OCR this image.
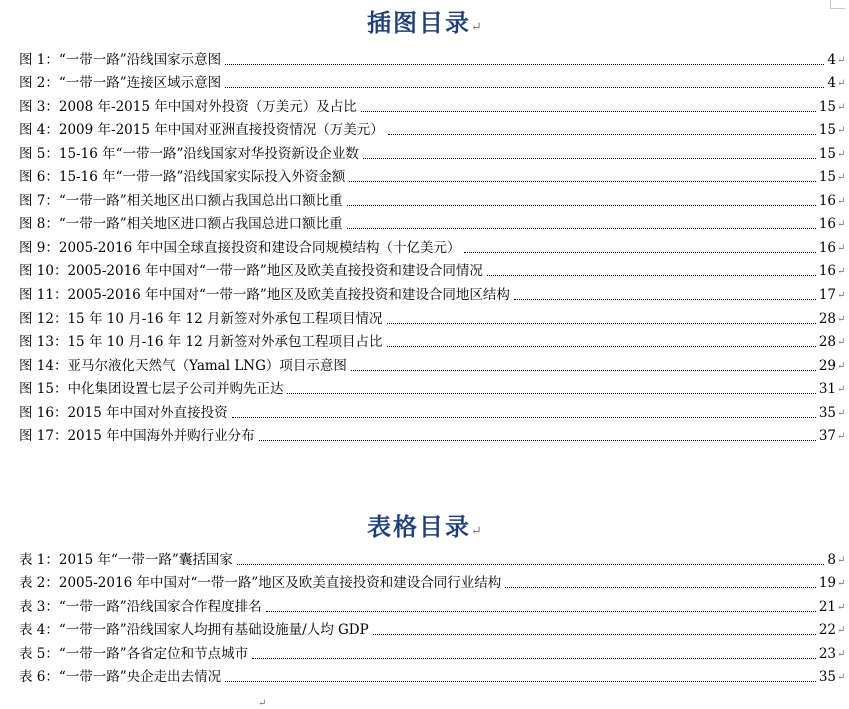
插图目录↵
图 1：“一带一路”沿线国家示意图	4 ↵
图 2：“一带一路”连接区域示意图	4 ↵
图 3：2008 年-2015 年中国对外投资（万美元）及占比	15 ↵
图 4：2009 年-2015 年中国对亚洲直接投资情况（万美元）	15 ↵
图 5：15-16 年“一带一路”沿线国家对华投资新设企业数	15 ↵
图 6：15-16 年“一带一路”沿线国家实际投入外资金额	15 ↵
图 7：“一带一路”相关地区出口额占我国总出口额比重	16 ↵
图 8：“一带一路”相关地区进口额占我国总进口额比重	16 ↵
图 9：2005-2016 年中国全球直接投资和建设合同规模结构（十亿美元）	16 ↵
图 10：2005-2016 年中国对“一带一路”地区及欧美直接投资和建设合同情况	16 ↵
图 11：2005-2016 年中国对“一带一路”地区及欧美直接投资和建设合同地区结构	17 ↵
图 12：15 年 10 月-16 年 12 月新签对外承包工程项目情况	28 ↵
图 13：15 年 10 月-16 年 12 月新签对外承包工程项目占比	28 ↵
图 14：亚马尔液化天然气（Yamal LNG）项目示意图	29 ↵
图 15：中化集团设置七层子公司并购先正达	31 ↵
图 16：2015 年中国对外直接投资	35 ↵
图 17：2015 年中国海外并购行业分布	37 ↵
表格目录↵
表 1：2015 年“一带一路”囊括国家	8 ↵
表 2：2005-2016 年中国对“一带一路”地区及欧美直接投资和建设合同行业结构	19 ↵
表 3：“一带一路”沿线国家合作程度排名	21 ↵
表 4：“一带一路”沿线国家人均拥有基础设施量/人均 GDP	22 ↵
表 5：“一带一路”各省定位和节点城市	23 ↵
表 6：“一带一路”央企走出去情况	35 ↵
↵
